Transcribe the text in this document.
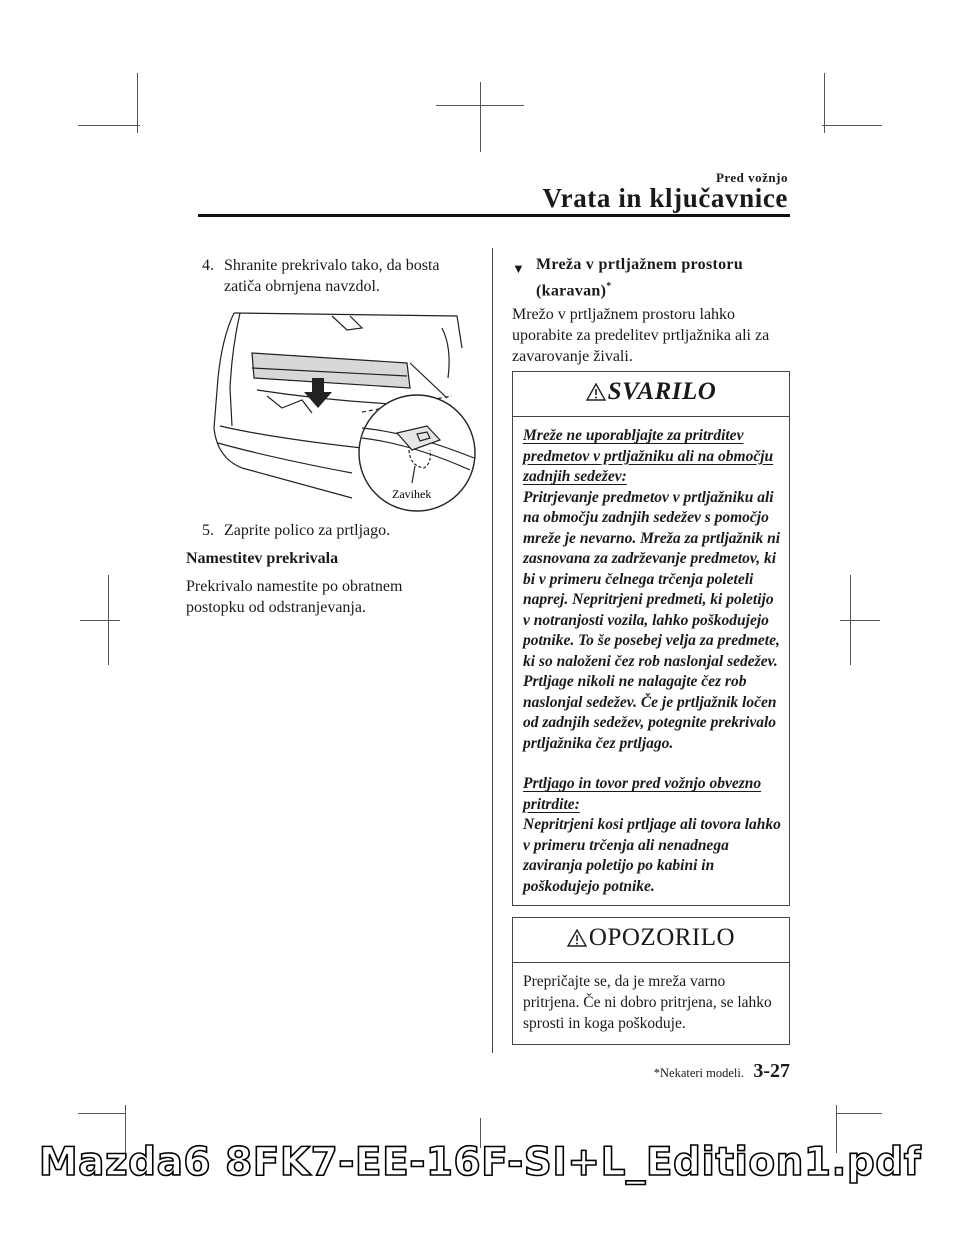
Pred vožnjo
Vrata in ključavnice
4. Shranite prekrivalo tako, da bosta zatiča obrnjena navzdol.
Zavihek
5. Zaprite polico za prtljago.
Namestitev prekrivala
Prekrivalo namestite po obratnem postopku od odstranjevanja.
▼ Mreža v prtljažnem prostoru (karavan)*
Mrežo v prtljažnem prostoru lahko uporabite za predelitev prtljažnika ali za zavarovanje živali.
SVARILO
Mreže ne uporabljajte za pritrditev predmetov v prtljažniku ali na območju zadnjih sedežev:
Pritrjevanje predmetov v prtljažniku ali na območju zadnjih sedežev s pomočjo mreže je nevarno. Mreža za prtljažnik ni zasnovana za zadrževanje predmetov, ki bi v primeru čelnega trčenja poleteli naprej. Nepritrjeni predmeti, ki poletijo v notranjosti vozila, lahko poškodujejo potnike. To še posebej velja za predmete, ki so naloženi čez rob naslonjal sedežev. Prtljage nikoli ne nalagajte čez rob naslonjal sedežev. Če je prtljažnik ločen od zadnjih sedežev, potegnite prekrivalo prtljažnika čez prtljago.
Prtljago in tovor pred vožnjo obvezno pritrdite:
Nepritrjeni kosi prtljage ali tovora lahko v primeru trčenja ali nenadnega zaviranja poletijo po kabini in poškodujejo potnike.
OPOZORILO
Prepričajte se, da je mreža varno pritrjena. Če ni dobro pritrjena, se lahko sprosti in koga poškoduje.
*Nekateri modeli. 3-27
Mazda6 8FK7-EE-16F-SI+L_Edition1.pdf
